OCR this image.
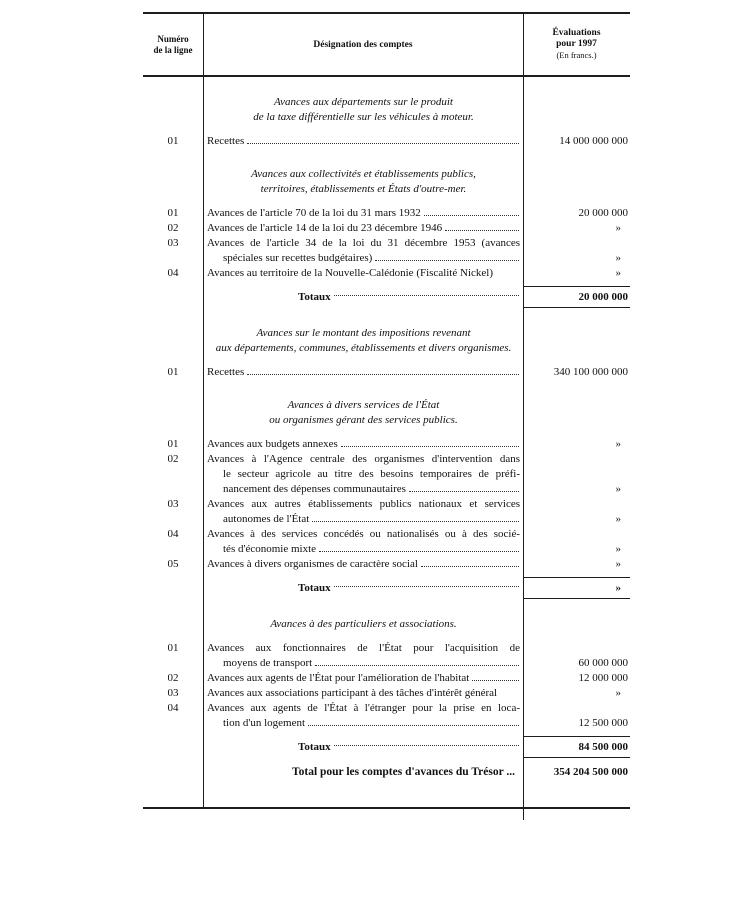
Numéro
de la ligne	Désignation des comptes
Évaluations
pour 1997
(En francs.)
Avances aux départements sur le produit
de la taxe différentielle sur les véhicules à moteur.
01	Recettes	14 000 000 000
Avances aux collectivités et établissements publics,
territoires, établissements et États d'outre-mer.
01	Avances de l'article 70 de la loi du 31 mars 1932	20 000 000
02	Avances de l'article 14 de la loi du 23 décembre 1946	»
03	Avances de l'article 34 de la loi du 31 décembre 1953 (avances
spéciales sur recettes budgétaires)	»
04	Avances au territoire de la Nouvelle-Calédonie (Fiscalité Nickel)	»
Totaux	20 000 000
Avances sur le montant des impositions revenant
aux départements, communes, établissements et divers organismes.
01	Recettes	340 100 000 000
Avances à divers services de l'État
ou organismes gérant des services publics.
01	Avances aux budgets annexes	»
02	Avances à l'Agence centrale des organismes d'intervention dans
le secteur agricole au titre des besoins temporaires de préfi-
nancement des dépenses communautaires	»
03	Avances aux autres établissements publics nationaux et services
autonomes de l'État	»
04	Avances à des services concédés ou nationalisés ou à des socié-
tés d'économie mixte	»
05	Avances à divers organismes de caractère social	»
Totaux	»
Avances à des particuliers et associations.
01	Avances aux fonctionnaires de l'État pour l'acquisition de
moyens de transport	60 000 000
02	Avances aux agents de l'État pour l'amélioration de l'habitat	12 000 000
03	Avances aux associations participant à des tâches d'intérêt général	»
04	Avances aux agents de l'État à l'étranger pour la prise en loca-
tion d'un logement	12 500 000
Totaux	84 500 000
Total pour les comptes d'avances du Trésor ...	354 204 500 000
